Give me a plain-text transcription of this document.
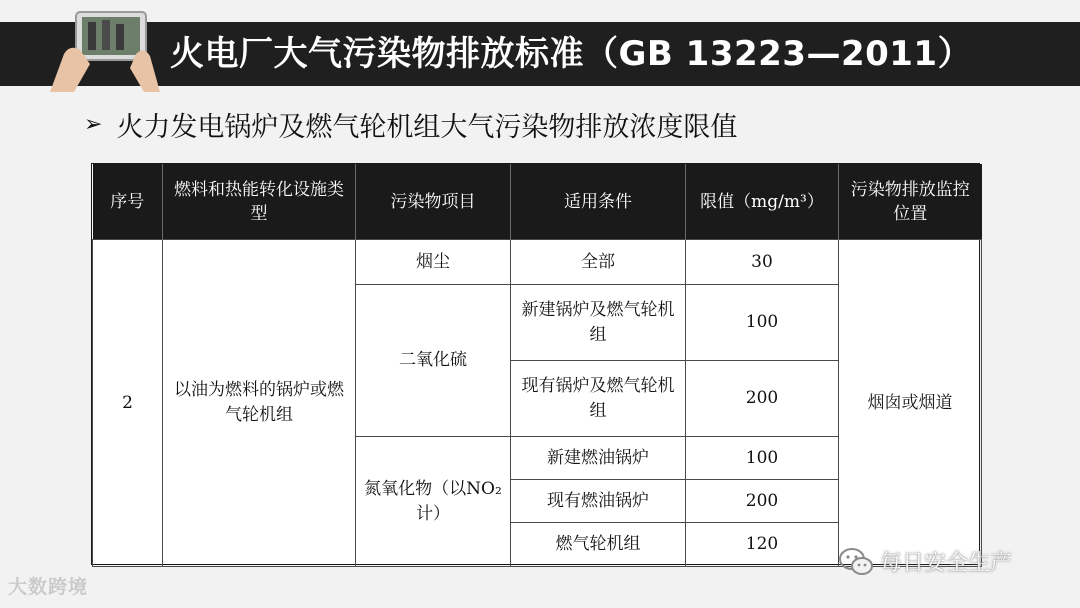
火电厂大气污染物排放标准（GB 13223—2011）
➢ 火力发电锅炉及燃气轮机组大气污染物排放浓度限值
序号	燃料和热能转化设施类型	污染物项目	适用条件	限值（mg/m³）	污染物排放监控位置
2	以油为燃料的锅炉或燃气轮机组	烟尘	全部	30	烟囱或烟道
		二氧化硫	新建锅炉及燃气轮机组	100	
			现有锅炉及燃气轮机组	200	
		氮氧化物（以NO₂计）	新建燃油锅炉	100	
			现有燃油锅炉	200	
			燃气轮机组	120	
大数跨境
每日安全生产
